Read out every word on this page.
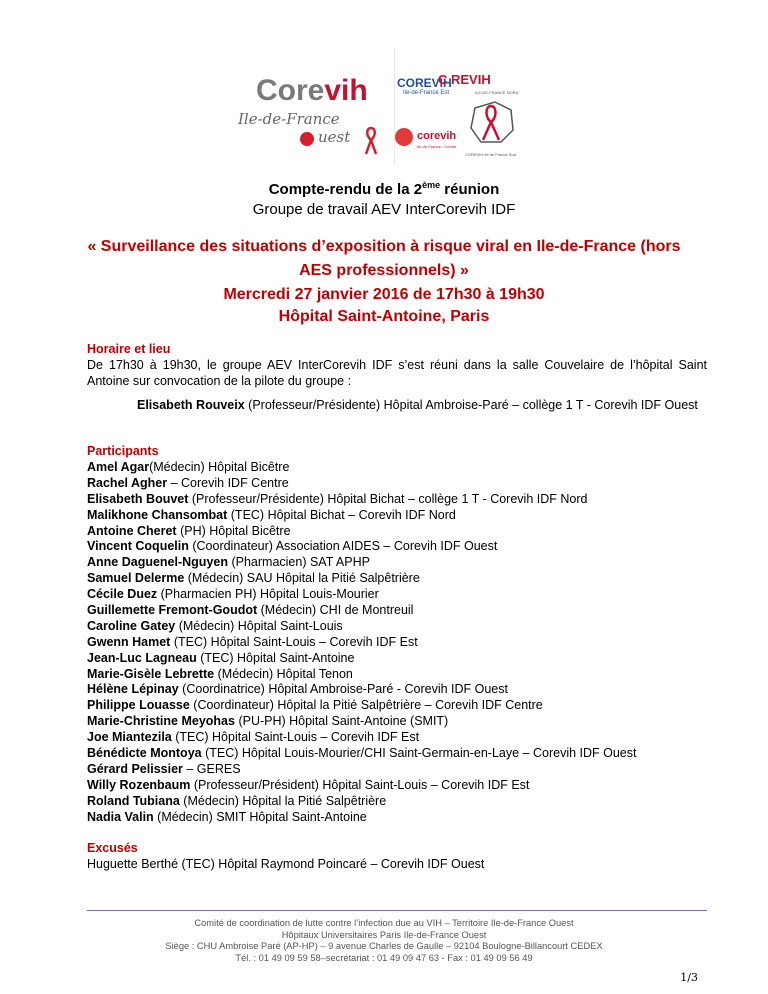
Corevih
Ile-de-France
uest
COREVIH
Ile-de-France Est
C REVIH
ILE-DE-FRANCE NORD
corevih
Ile-de-France - Centre
COREVIH Ile de France Sud
Compte-rendu de la 2ème réunion
Groupe de travail AEV InterCorevih IDF
« Surveillance des situations d’exposition à risque viral en Ile-de-France (hors
AES professionnels) »
Mercredi 27 janvier 2016 de 17h30 à 19h30
Hôpital Saint-Antoine, Paris
Horaire et lieu
De 17h30 à 19h30, le groupe AEV InterCorevih IDF s’est réuni dans la salle Couvelaire de l’hôpital Saint Antoine sur convocation de la pilote du groupe :
Elisabeth Rouveix (Professeur/Présidente) Hôpital Ambroise-Paré – collège 1 T - Corevih IDF Ouest
Participants
Amel Agar(Médecin) Hôpital Bicêtre
Rachel Agher – Corevih IDF Centre
Elisabeth Bouvet (Professeur/Présidente) Hôpital Bichat – collège 1 T - Corevih IDF Nord
Malikhone Chansombat (TEC) Hôpital Bichat – Corevih IDF Nord
Antoine Cheret (PH) Hôpital Bicêtre
Vincent Coquelin (Coordinateur) Association AIDES – Corevih IDF Ouest
Anne Daguenel-Nguyen (Pharmacien) SAT APHP
Samuel Delerme (Médecin) SAU Hôpital la Pitié Salpêtrière
Cécile Duez (Pharmacien PH) Hôpital Louis-Mourier
Guillemette Fremont-Goudot (Médecin) CHI de Montreuil
Caroline Gatey (Médecin) Hôpital Saint-Louis
Gwenn Hamet (TEC) Hôpital Saint-Louis – Corevih IDF Est
Jean-Luc Lagneau (TEC) Hôpital Saint-Antoine
Marie-Gisèle Lebrette (Médecin) Hôpital Tenon
Hélène Lépinay (Coordinatrice) Hôpital Ambroise-Paré - Corevih IDF Ouest
Philippe Louasse (Coordinateur) Hôpital la Pitié Salpêtrière – Corevih IDF Centre
Marie-Christine Meyohas (PU-PH) Hôpital Saint-Antoine (SMIT)
Joe Miantezila (TEC) Hôpital Saint-Louis – Corevih IDF Est
Bénédicte Montoya (TEC) Hôpital Louis-Mourier/CHI Saint-Germain-en-Laye – Corevih IDF Ouest
Gérard Pelissier – GERES
Willy Rozenbaum (Professeur/Président) Hôpital Saint-Louis – Corevih IDF Est
Roland Tubiana (Médecin) Hôpital la Pitié Salpêtrière
Nadia Valin (Médecin) SMIT Hôpital Saint-Antoine
Excusés
Huguette Berthé (TEC) Hôpital Raymond Poincaré – Corevih IDF Ouest
Comité de coordination de lutte contre l’infection due au VIH – Territoire Ile-de-France Ouest
Hôpitaux Universitaires Paris Ile-de-France Ouest
Siège : CHU Ambroise Paré (AP-HP) – 9 avenue Charles de Gaulle – 92104 Boulogne-Billancourt CEDEX
Tél. : 01 49 09 59 58–secrétariat : 01 49 09 47 63 - Fax : 01 49 09 56 49
1/3
